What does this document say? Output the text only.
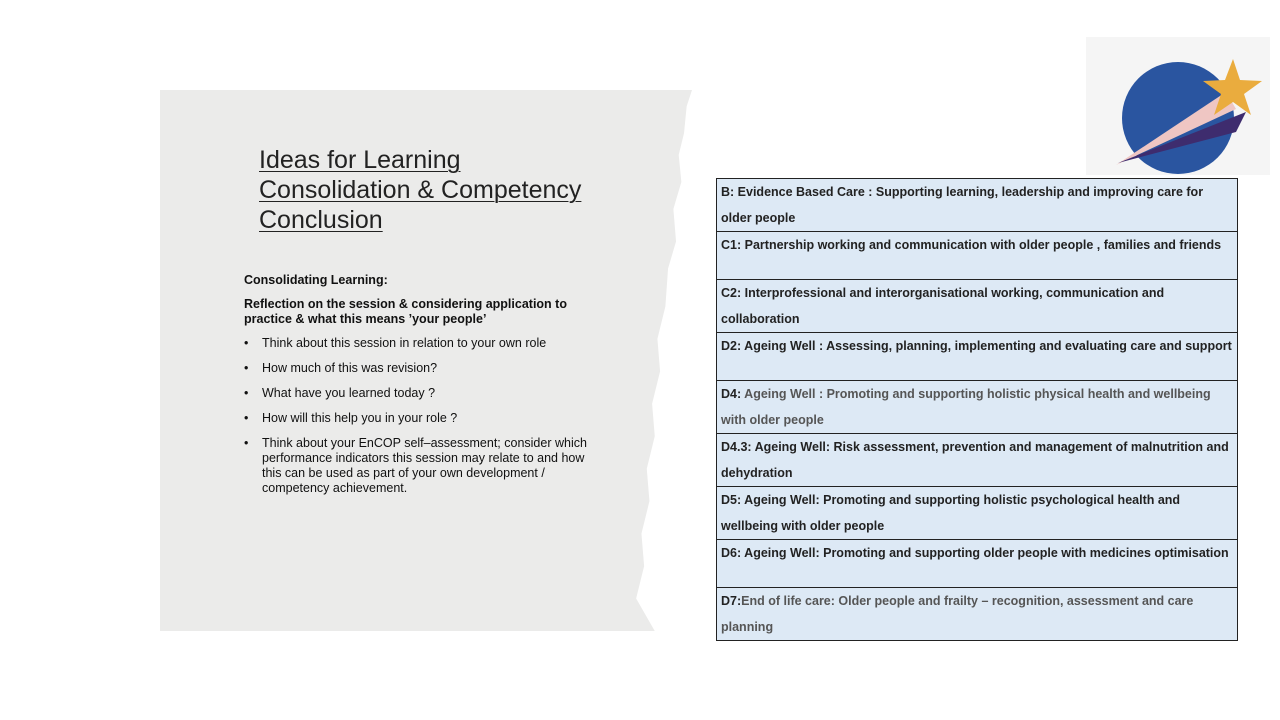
Ideas for Learning
Consolidation & Competency
Conclusion
Consolidating Learning:
Reflection on the session & considering application to practice & what this means ’your people’
• Think about this session in relation to your own role
• How much of this was revision?
• What have you learned today ?
• How will this help you in your role ?
• Think about your EnCOP self–assessment; consider which performance indicators this session may relate to and how this can be used as part of your own development / competency achievement.
B: Evidence Based Care : Supporting learning, leadership and improving care for older people
C1: Partnership working and communication with older people , families and friends
C2: Interprofessional and interorganisational working, communication and collaboration
D2: Ageing Well : Assessing, planning, implementing and evaluating care and support
D4: Ageing Well : Promoting and supporting holistic physical health and wellbeing with older people
D4.3: Ageing Well: Risk assessment, prevention and management of malnutrition and dehydration
D5: Ageing Well: Promoting and supporting holistic psychological health and wellbeing with older people
D6: Ageing Well: Promoting and supporting older people with medicines optimisation
D7:End of life care: Older people and frailty – recognition, assessment and care planning
